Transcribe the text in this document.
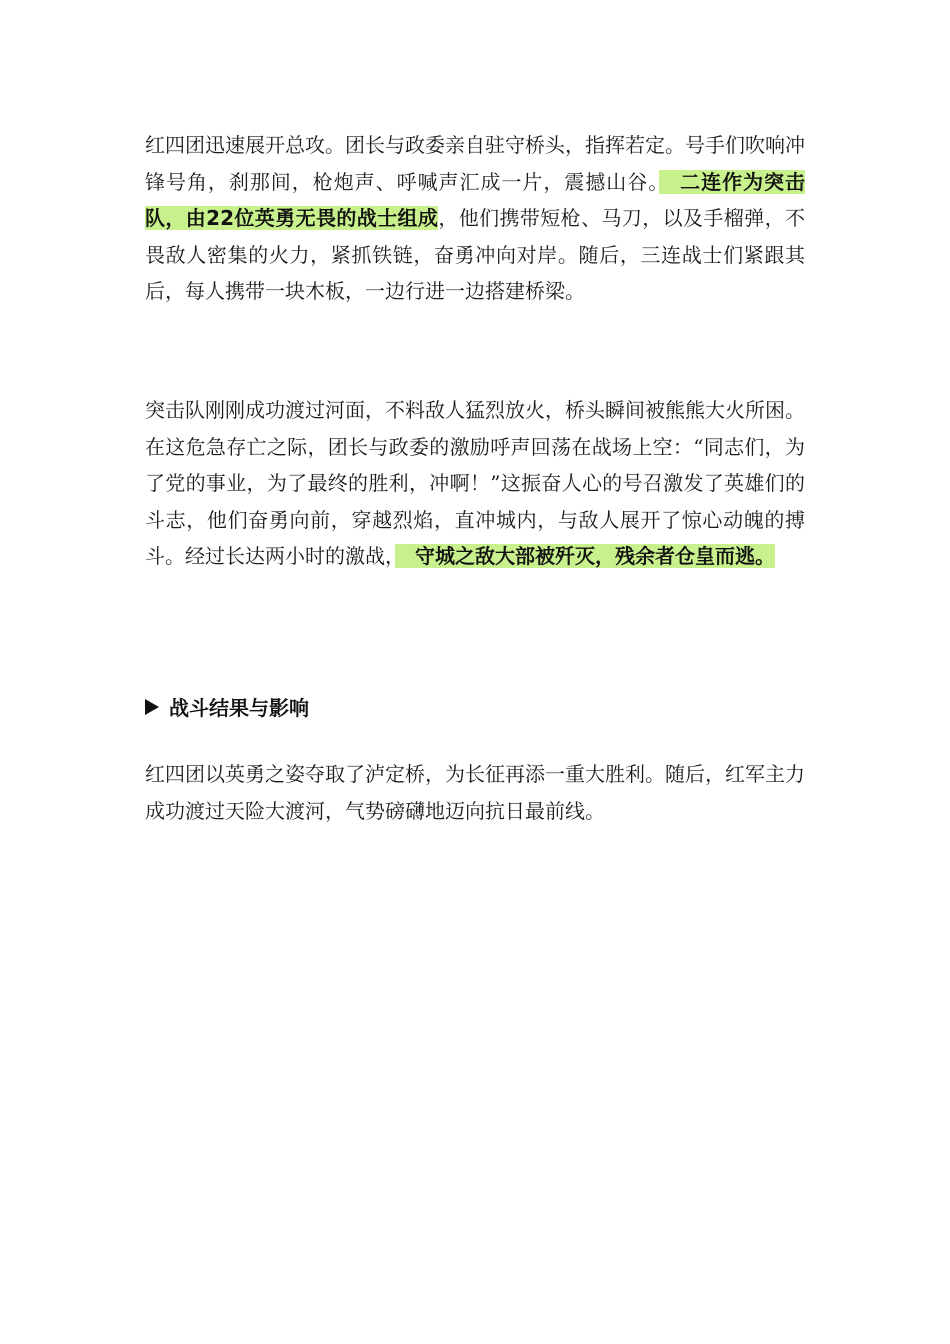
红四团迅速展开总攻。团长与政委亲自驻守桥头，指挥若定。号手们吹响冲锋号角，刹那间，枪炮声、呼喊声汇成一片，震撼山谷。　二连作为突击队，由22位英勇无畏的战士组成，他们携带短枪、马刀，以及手榴弹，不畏敌人密集的火力，紧抓铁链，奋勇冲向对岸。随后，三连战士们紧跟其后，每人携带一块木板，一边行进一边搭建桥梁。

突击队刚刚成功渡过河面，不料敌人猛烈放火，桥头瞬间被熊熊大火所困。在这危急存亡之际，团长与政委的激励呼声回荡在战场上空：“同志们，为了党的事业，为了最终的胜利，冲啊！”这振奋人心的号召激发了英雄们的斗志，他们奋勇向前，穿越烈焰，直冲城内，与敌人展开了惊心动魄的搏斗。经过长达两小时的激战，　守城之敌大部被歼灭，残余者仓皇而逃。

战斗结果与影响

红四团以英勇之姿夺取了泸定桥，为长征再添一重大胜利。随后，红军主力成功渡过天险大渡河，气势磅礴地迈向抗日最前线。
